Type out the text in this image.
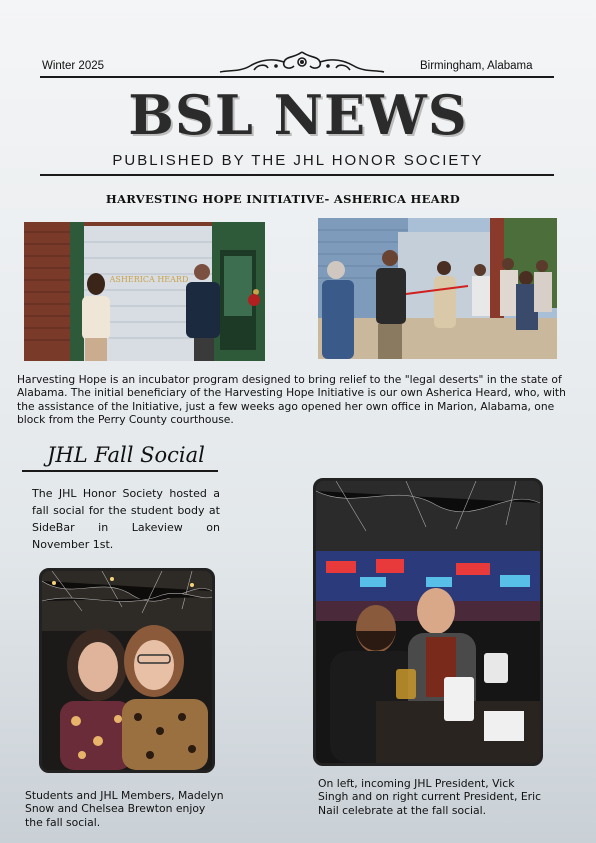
Winter 2025	Birmingham, Alabama
BSL NEWS
PUBLISHED BY THE JHL HONOR SOCIETY
HARVESTING HOPE INITIATIVE- ASHERICA HEARD
ASHERICA HEARD
Harvesting Hope is an incubator program designed to bring relief to the "legal deserts" in the state of Alabama. The initial beneficiary of the Harvesting Hope Initiative is our own Asherica Heard, who, with the assistance of the Initiative, just a few weeks ago opened her own office in Marion, Alabama, one block from the Perry County courthouse.
JHL Fall Social
The JHL Honor Society hosted a fall social for the student body at SideBar in Lakeview on November 1st.
Students and JHL Members, Madelyn Snow and Chelsea Brewton enjoy the fall social.
On left, incoming JHL President, Vick Singh and on right current President, Eric Nail celebrate at the fall social.
